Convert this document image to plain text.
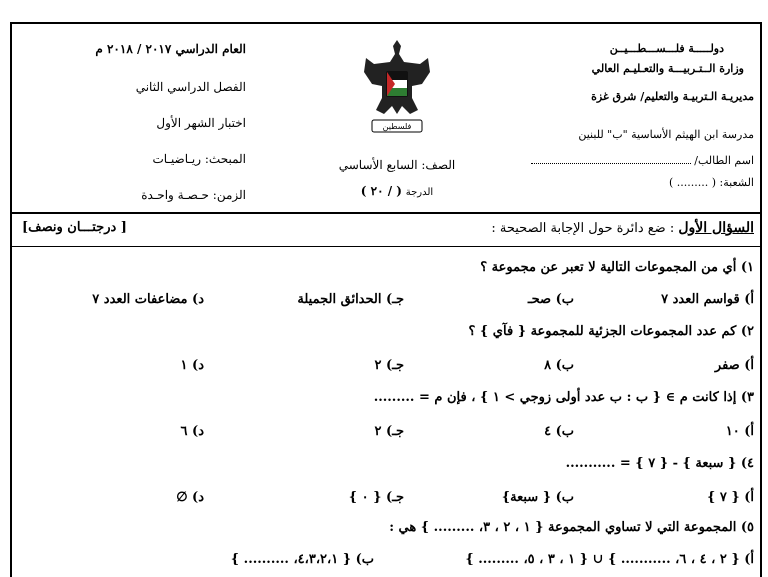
دولـــــة فلـــســـطـــيــن
وزارة الــتـربيـــة والتعـليـم العالي
مديريـة الـتربيـة والتعليم/ شرق غزة
مدرسة ابن الهيثم الأساسية "ب" للبنين
اسم الطالب/
الشعبة: ( ......... )
فلسطين
الصف: السابع الأساسي
الدرجة ( / ٢٠ )
العام الدراسي ٢٠١٧ / ٢٠١٨ م
الفصل الدراسي الثاني
اختبار الشهر الأول
المبحث: ريـاضيـات
الزمن: حـصـة واحـدة
السؤال الأول : ضع دائرة حول الإجابة الصحيحة :
[ درجتـــان ونصف]
١) أي من المجموعات التالية لا تعبر عن مجموعة ؟
أ) قواسم العدد ٧
ب) صحـ
جـ) الحدائق الجميلة
د) مضاعفات العدد ٧
٢) كم عدد المجموعات الجزئية للمجموعة { فآي } ؟
أ) صفر
ب) ٨
جـ) ٢
د) ١
٣) إذا كانت م ∋ { ب : ب عدد أولى زوجي > ١ } ، فإن م = .........
أ) ١٠
ب) ٤
جـ) ٢
د) ٦
٤) { سبعة } - { ٧ } = ...........
أ) { ٧ }
ب) { سبعة}
جـ) { ٠ }
د) ∅
٥) المجموعة التي لا تساوي المجموعة { ١ ، ٢ ، ٣، ......... } هي :
أ) { ٢ ، ٤ ، ٦، ........... } ∪ { ١ ، ٣ ، ٥، ......... }
ب) { ٤،٣،٢،١، .......... }
